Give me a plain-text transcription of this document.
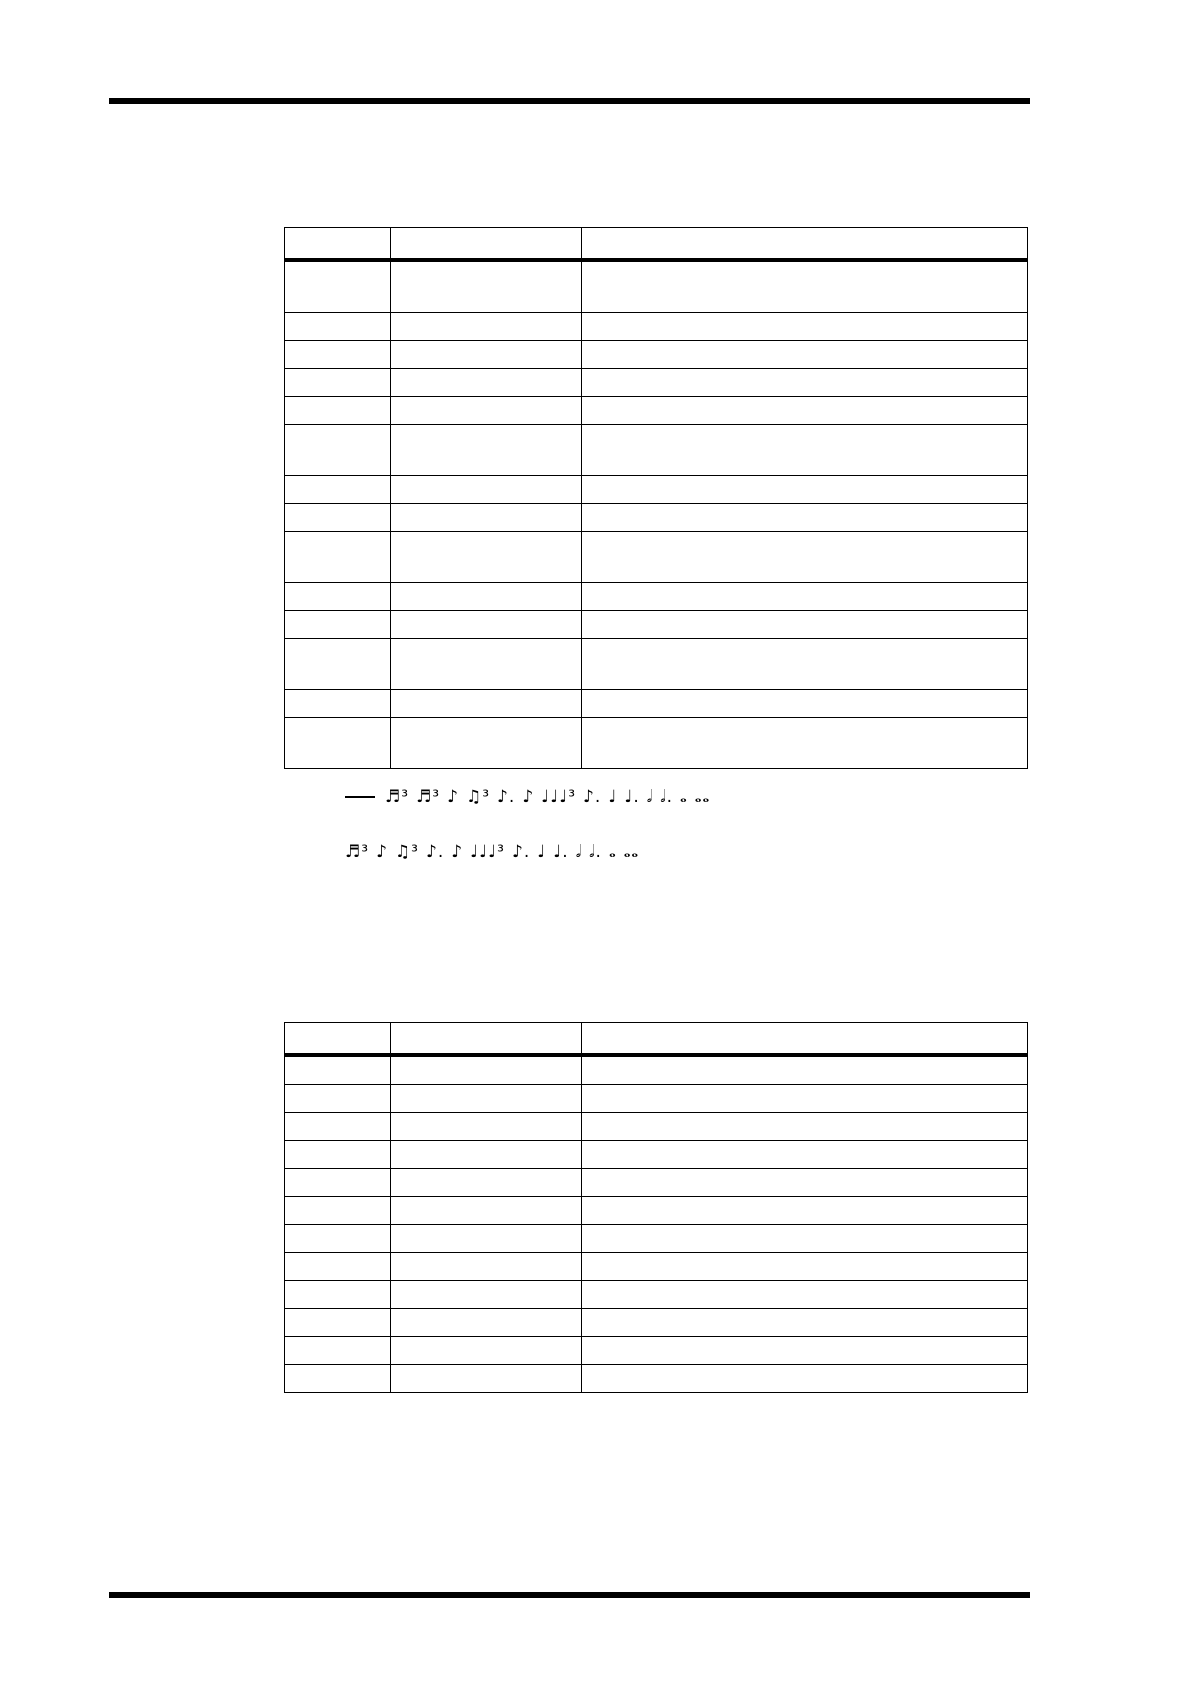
♬³ ♬³ ♪ ♫³ ♪. ♪ ♩♩♩³ ♪. ♩ ♩. 𝅗𝅥 𝅗𝅥. 𝅝 𝅝𝅝
♬³ ♪ ♫³ ♪. ♪ ♩♩♩³ ♪. ♩ ♩. 𝅗𝅥 𝅗𝅥. 𝅝 𝅝𝅝
